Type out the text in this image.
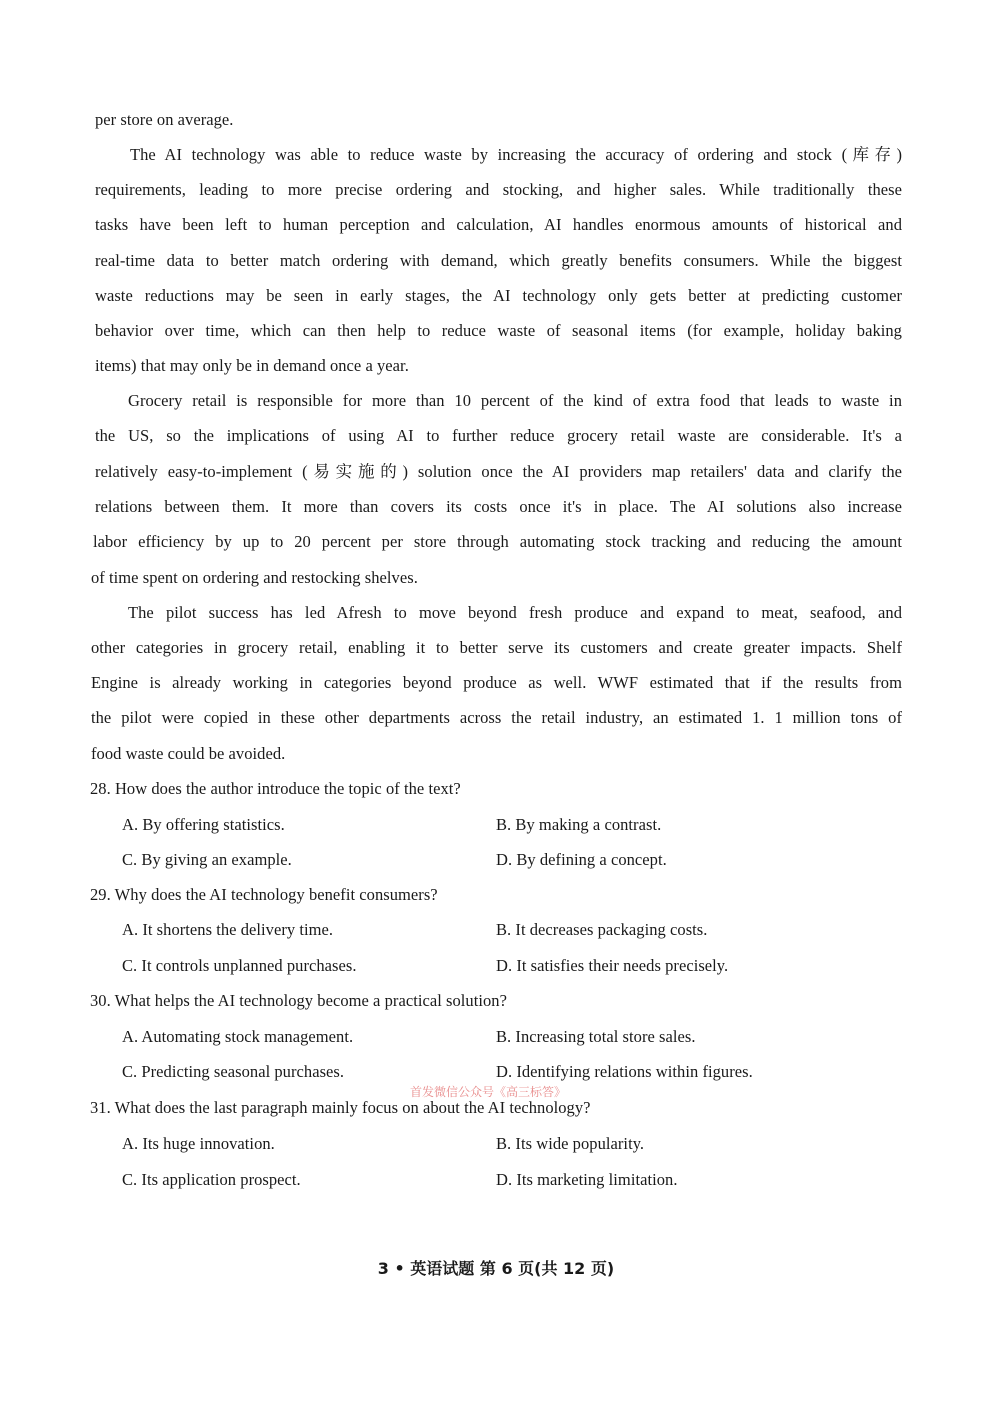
per store on average.
The AI technology was able to reduce waste by increasing the accuracy of ordering and stock (库存)
requirements, leading to more precise ordering and stocking, and higher sales. While traditionally these
tasks have been left to human perception and calculation, AI handles enormous amounts of historical and
real-time data to better match ordering with demand, which greatly benefits consumers. While the biggest
waste reductions may be seen in early stages, the AI technology only gets better at predicting customer
behavior over time, which can then help to reduce waste of seasonal items (for example, holiday baking
items) that may only be in demand once a year.
Grocery retail is responsible for more than 10 percent of the kind of extra food that leads to waste in
the US, so the implications of using AI to further reduce grocery retail waste are considerable. It's a
relatively easy-to-implement (易实施的) solution once the AI providers map retailers' data and clarify the
relations between them. It more than covers its costs once it's in place. The AI solutions also increase
labor efficiency by up to 20 percent per store through automating stock tracking and reducing the amount
of time spent on ordering and restocking shelves.
The pilot success has led Afresh to move beyond fresh produce and expand to meat, seafood, and
other categories in grocery retail, enabling it to better serve its customers and create greater impacts. Shelf
Engine is already working in categories beyond produce as well. WWF estimated that if the results from
the pilot were copied in these other departments across the retail industry, an estimated 1. 1 million tons of
food waste could be avoided.
28. How does the author introduce the topic of the text?
A. By offering statistics.	B. By making a contrast.
C. By giving an example.	D. By defining a concept.
29. Why does the AI technology benefit consumers?
A. It shortens the delivery time.	B. It decreases packaging costs.
C. It controls unplanned purchases.	D. It satisfies their needs precisely.
30. What helps the AI technology become a practical solution?
A. Automating stock management.	B. Increasing total store sales.
C. Predicting seasonal purchases.	D. Identifying relations within figures.
首发微信公众号《高三标答》
31. What does the last paragraph mainly focus on about the AI technology?
A. Its huge innovation.	B. Its wide popularity.
C. Its application prospect.	D. Its marketing limitation.
3 • 英语试题 第 6 页(共 12 页)
